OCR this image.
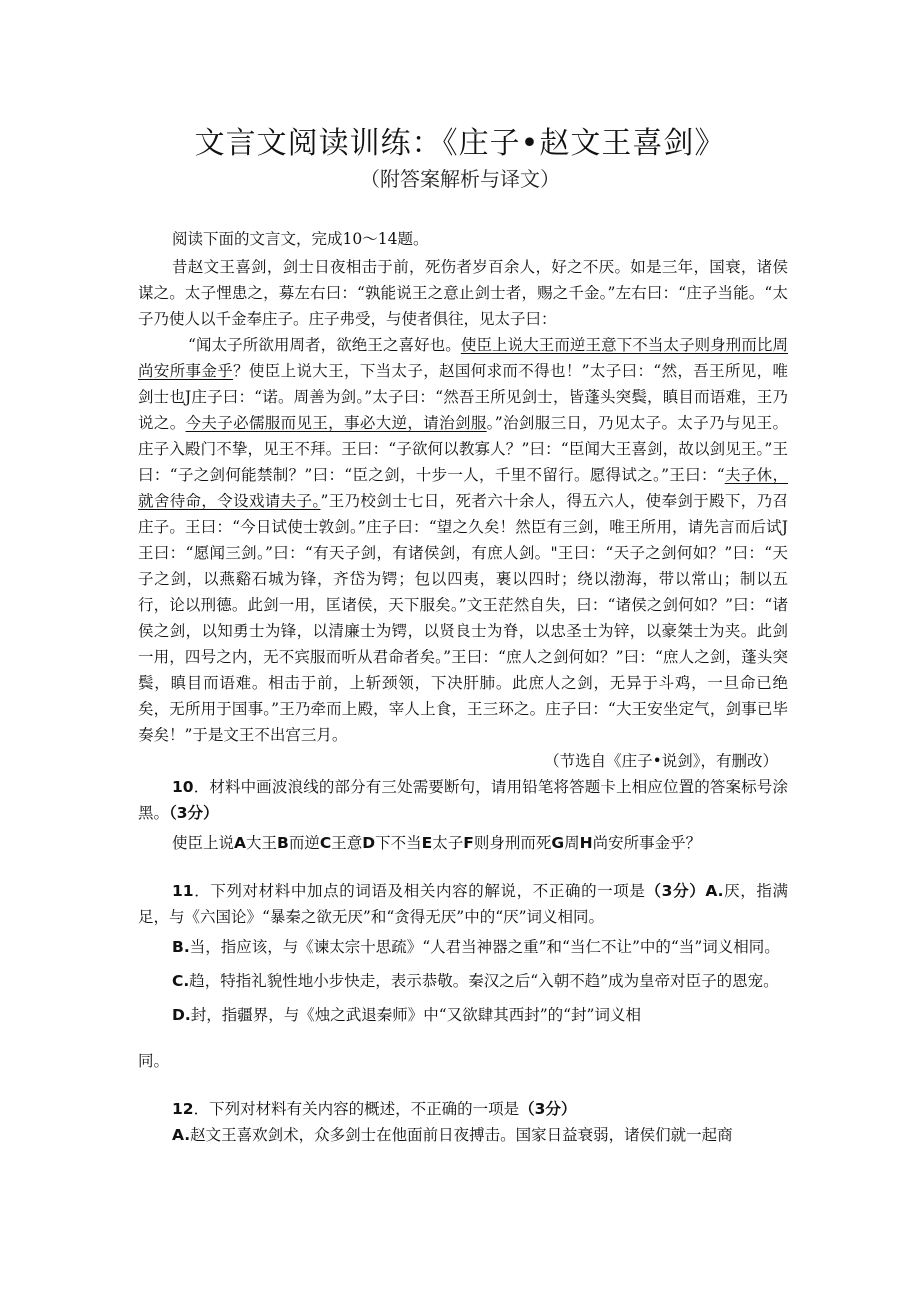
文言文阅读训练：《庄子•赵文王喜剑》
（附答案解析与译文）

阅读下面的文言文，完成10～14题。

昔赵文王喜剑，剑士日夜相击于前，死伤者岁百余人，好之不厌。如是三年，国衰，诸侯谋之。太子悝患之，募左右曰：“孰能说王之意止剑士者，赐之千金。”左右曰：“庄子当能。“太子乃使人以千金奉庄子。庄子弗受，与使者俱往，见太子曰：

“闻太子所欲用周者，欲绝王之喜好也。使臣上说大王而逆王意下不当太子则身刑而比周尚安所事金乎？使臣上说大王，下当太子，赵国何求而不得也！”太子曰：“然，吾王所见，唯剑士也J庄子曰：“诺。周善为剑。”太子曰：“然吾王所见剑士，皆蓬头突鬓，瞋目而语难，王乃说之。今夫子必儒服而见王，事必大逆，请治剑服。”治剑服三日，乃见太子。太子乃与见王。庄子入殿门不挚，见王不拜。王曰：“子欲何以教寡人？”曰：“臣闻大王喜剑，故以剑见王。”王曰：“子之剑何能禁制？”曰：“臣之剑，十步一人，千里不留行。愿得试之。”王曰：“夫子休，就舍待命，令设戏请夫子。”王乃校剑士七日，死者六十余人，得五六人，使奉剑于殿下，乃召庄子。王曰：“今日试使士敦剑。”庄子曰：“望之久矣！然臣有三剑，唯王所用，请先言而后试J王曰：“愿闻三剑。”曰：“有天子剑，有诸侯剑，有庶人剑。"王曰：“天子之剑何如？”曰：“天子之剑，以燕谿石城为锋，齐岱为锷；包以四夷，裹以四时；绕以渤海，带以常山；制以五行，论以刑德。此剑一用，匡诸侯，天下服矣。”文王茫然自失，曰：“诸侯之剑何如？”曰：“诸侯之剑，以知勇士为锋，以清廉士为锷，以贤良士为脊，以忠圣士为锌，以豪桀士为夹。此剑一用，四号之内，无不宾服而听从君命者矣。”王曰：“庶人之剑何如？”曰：“庶人之剑，蓬头突鬓，瞋目而语难。相击于前，上斩颈领，下决肝肺。此庶人之剑，无异于斗鸡，一旦命已绝矣，无所用于国事。”王乃牵而上殿，宰人上食，王三环之。庄子曰：“大王安坐定气，剑事已毕奏矣！”于是文王不出宫三月。

（节选自《庄子•说剑》，有删改）

10．材料中画波浪线的部分有三处需要断句，请用铅笔将答题卡上相应位置的答案标号涂黑。（3分）

使臣上说A大王B而逆C王意D下不当E太子F则身刑而死G周H尚安所事金乎？

11．下列对材料中加点的词语及相关内容的解说，不正确的一项是（3分）A.厌，指满足，与《六国论》“暴秦之欲无厌”和“贪得无厌”中的“厌”词义相同。

B.当，指应该，与《谏太宗十思疏》“人君当神器之重”和“当仁不让”中的“当”词义相同。

C.趋，特指礼貌性地小步快走，表示恭敬。秦汉之后“入朝不趋”成为皇帝对臣子的恩宠。

D.封，指疆界，与《烛之武退秦师》中“又欲肆其西封”的“封”词义相

同。

12．下列对材料有关内容的概述，不正确的一项是（3分）

A.赵文王喜欢剑术，众多剑士在他面前日夜搏击。国家日益衰弱，诸侯们就一起商
